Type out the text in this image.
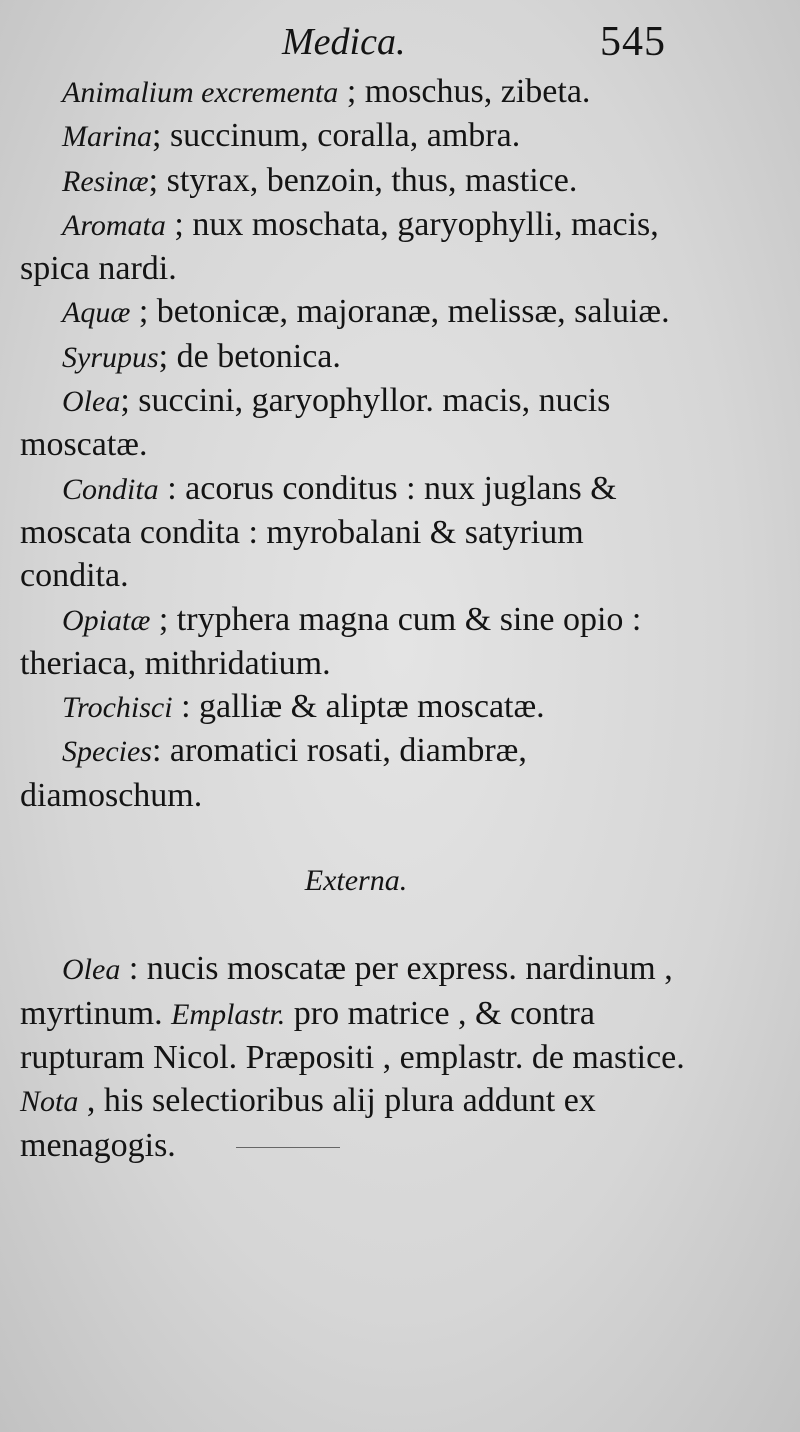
Medica.	545

Animalium excrementa ; moschus, zibeta.

Marina; succinum, coralla, ambra.

Resinæ; styrax, benzoin, thus, mastice.

Aromata ; nux moschata, garyophylli, macis, spica nardi.

Aquæ ; betonicæ, majoranæ, melissæ, saluiæ.

Syrupus; de betonica.

Olea; succini, garyophyllor. macis, nucis moscatæ.

Condita : acorus conditus : nux juglans & moscata condita : myrobalani & satyrium condita.

Opiatæ ; tryphera magna cum & sine opio : theriaca, mithridatium.

Trochisci : galliæ & aliptæ moscatæ.

Species: aromatici rosati, diambræ, diamoschum.

Externa.

Olea : nucis moscatæ per express. nardinum , myrtinum. Emplastr. pro matrice , & contra rupturam Nicol. Præpositi , emplastr. de mastice. Nota , his selectioribus alij plura addunt ex menagogis.
